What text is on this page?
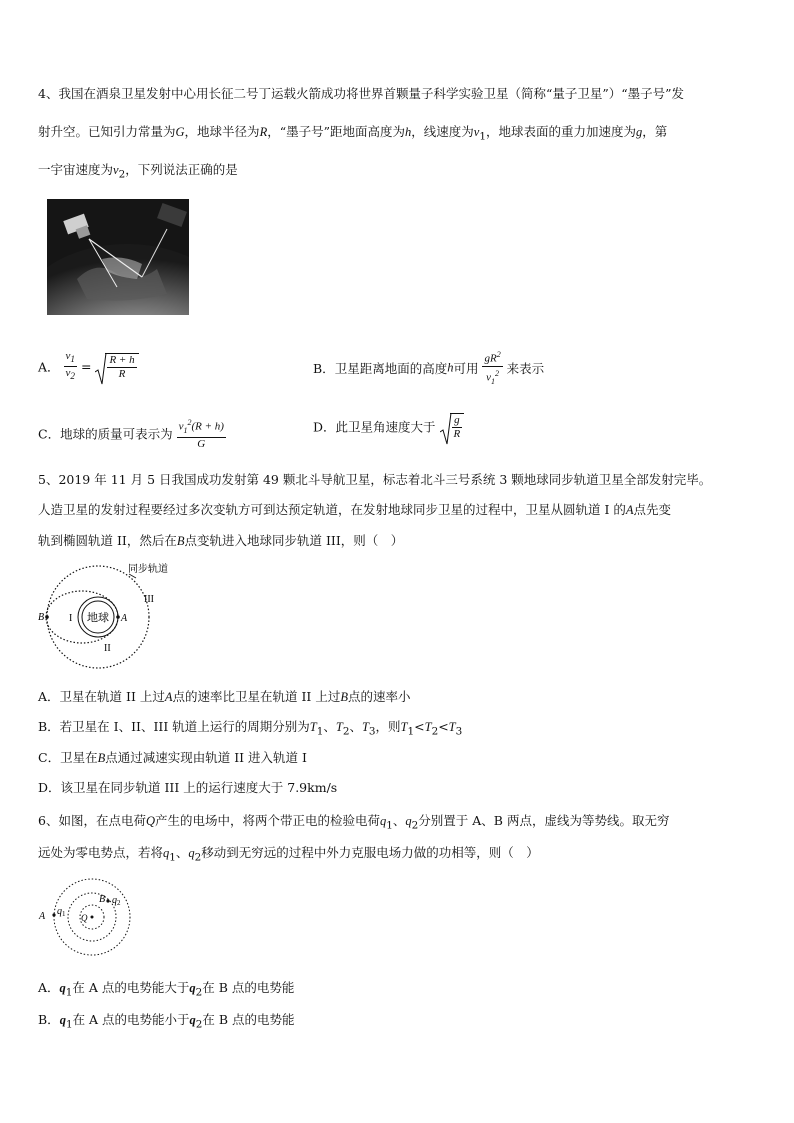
4、我国在酒泉卫星发射中心用长征二号丁运载火箭成功将世界首颗量子科学实验卫星（简称“量子卫星”）“墨子号”发
射升空。已知引力常量为G，地球半径为R，“墨子号”距地面高度为h，线速度为$v_1$，地球表面的重力加速度为g，第
一宇宙速度为$v_2$，下列说法正确的是
A． $\frac{v_1}{v_2} = \frac{R + h}{R}$	B．卫星距离地面的高度h可用 $\frac{gR^2}{v_1^2}$ 来表示
C．地球的质量可表示为 $\frac{v_1^2(R + h)}{G}$	D．此卫星角速度大于 $\frac{g}{R}$
5、2019 年 11 月 5 日我国成功发射第 49 颗北斗导航卫星，标志着北斗三号系统 3 颗地球同步轨道卫星全部发射完毕。
人造卫星的发射过程要经过多次变轨方可到达预定轨道，在发射地球同步卫星的过程中，卫星从圆轨道 I 的A点先变
轨到椭圆轨道 II，然后在B点变轨进入地球同步轨道 III，则（　）
地球
B	A
I
II
III
同步轨道
A．卫星在轨道 II 上过A点的速率比卫星在轨道 II 上过B点的速率小
B．若卫星在 I、II、III 轨道上运行的周期分别为$T_1$、$T_2$、$T_3$，则$T_1<T_2<T_3$
C．卫星在B点通过减速实现由轨道 II 进入轨道 I
D．该卫星在同步轨道 III 上的运行速度大于 7.9km/s
6、如图，在点电荷Q产生的电场中，将两个带正电的检验电荷$q_1$、$q_2$分别置于 A、B 两点，虚线为等势线。取无穷
远处为零电势点，若将$q_1$、$q_2$移动到无穷远的过程中外力克服电场力做的功相等，则（　）
A $q_1$ Q
B $q_2$
A．$q_1$在 A 点的电势能大于$q_2$在 B 点的电势能
B．$q_1$在 A 点的电势能小于$q_2$在 B 点的电势能
